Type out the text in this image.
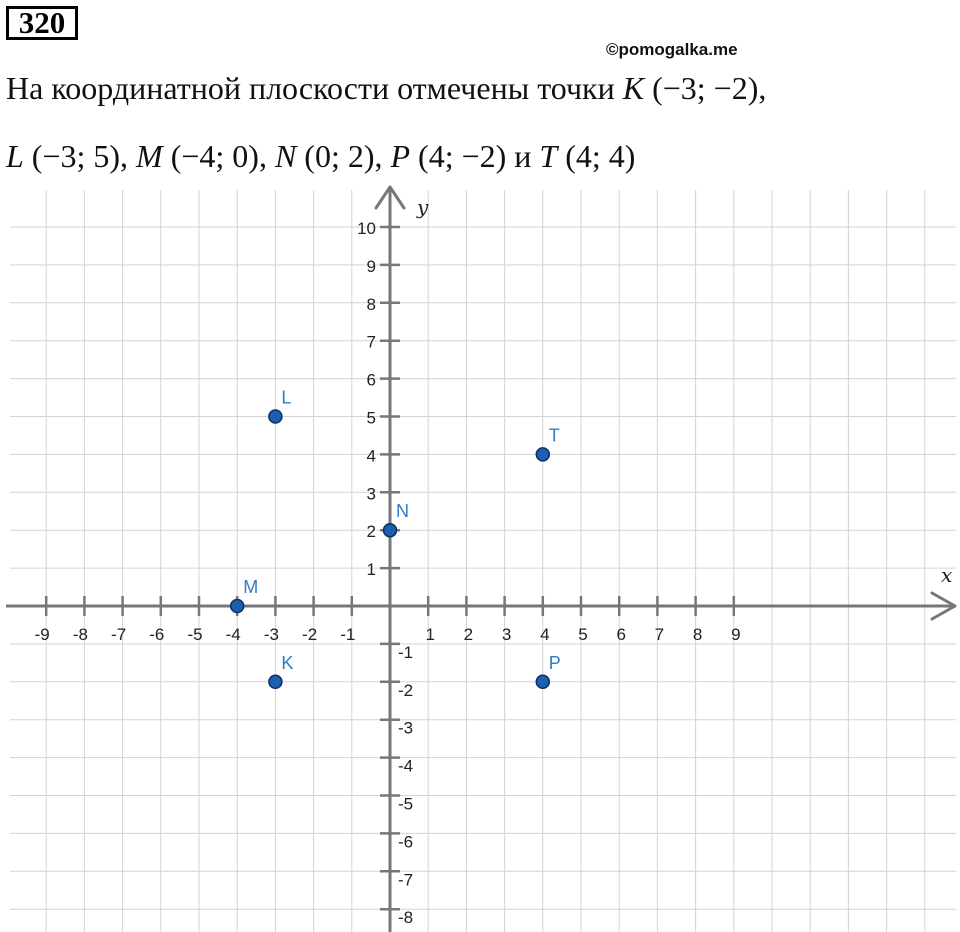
320
©pomogalka.me
На координатной плоскости отмечены точки K (−3; −2),
L (−3; 5), M (−4; 0), N (0; 2), P (4; −2) и T (4; 4)
x
y
-9 -8 -7 -6 -5 -4 -3 -2 -1	1 2 3 4 5 6 7 8 9
10
9
8
7
6
5
4
3
2
1
-1
-2
-3
-4
-5
-6
-7
-8
K
L
M
N
P
T
